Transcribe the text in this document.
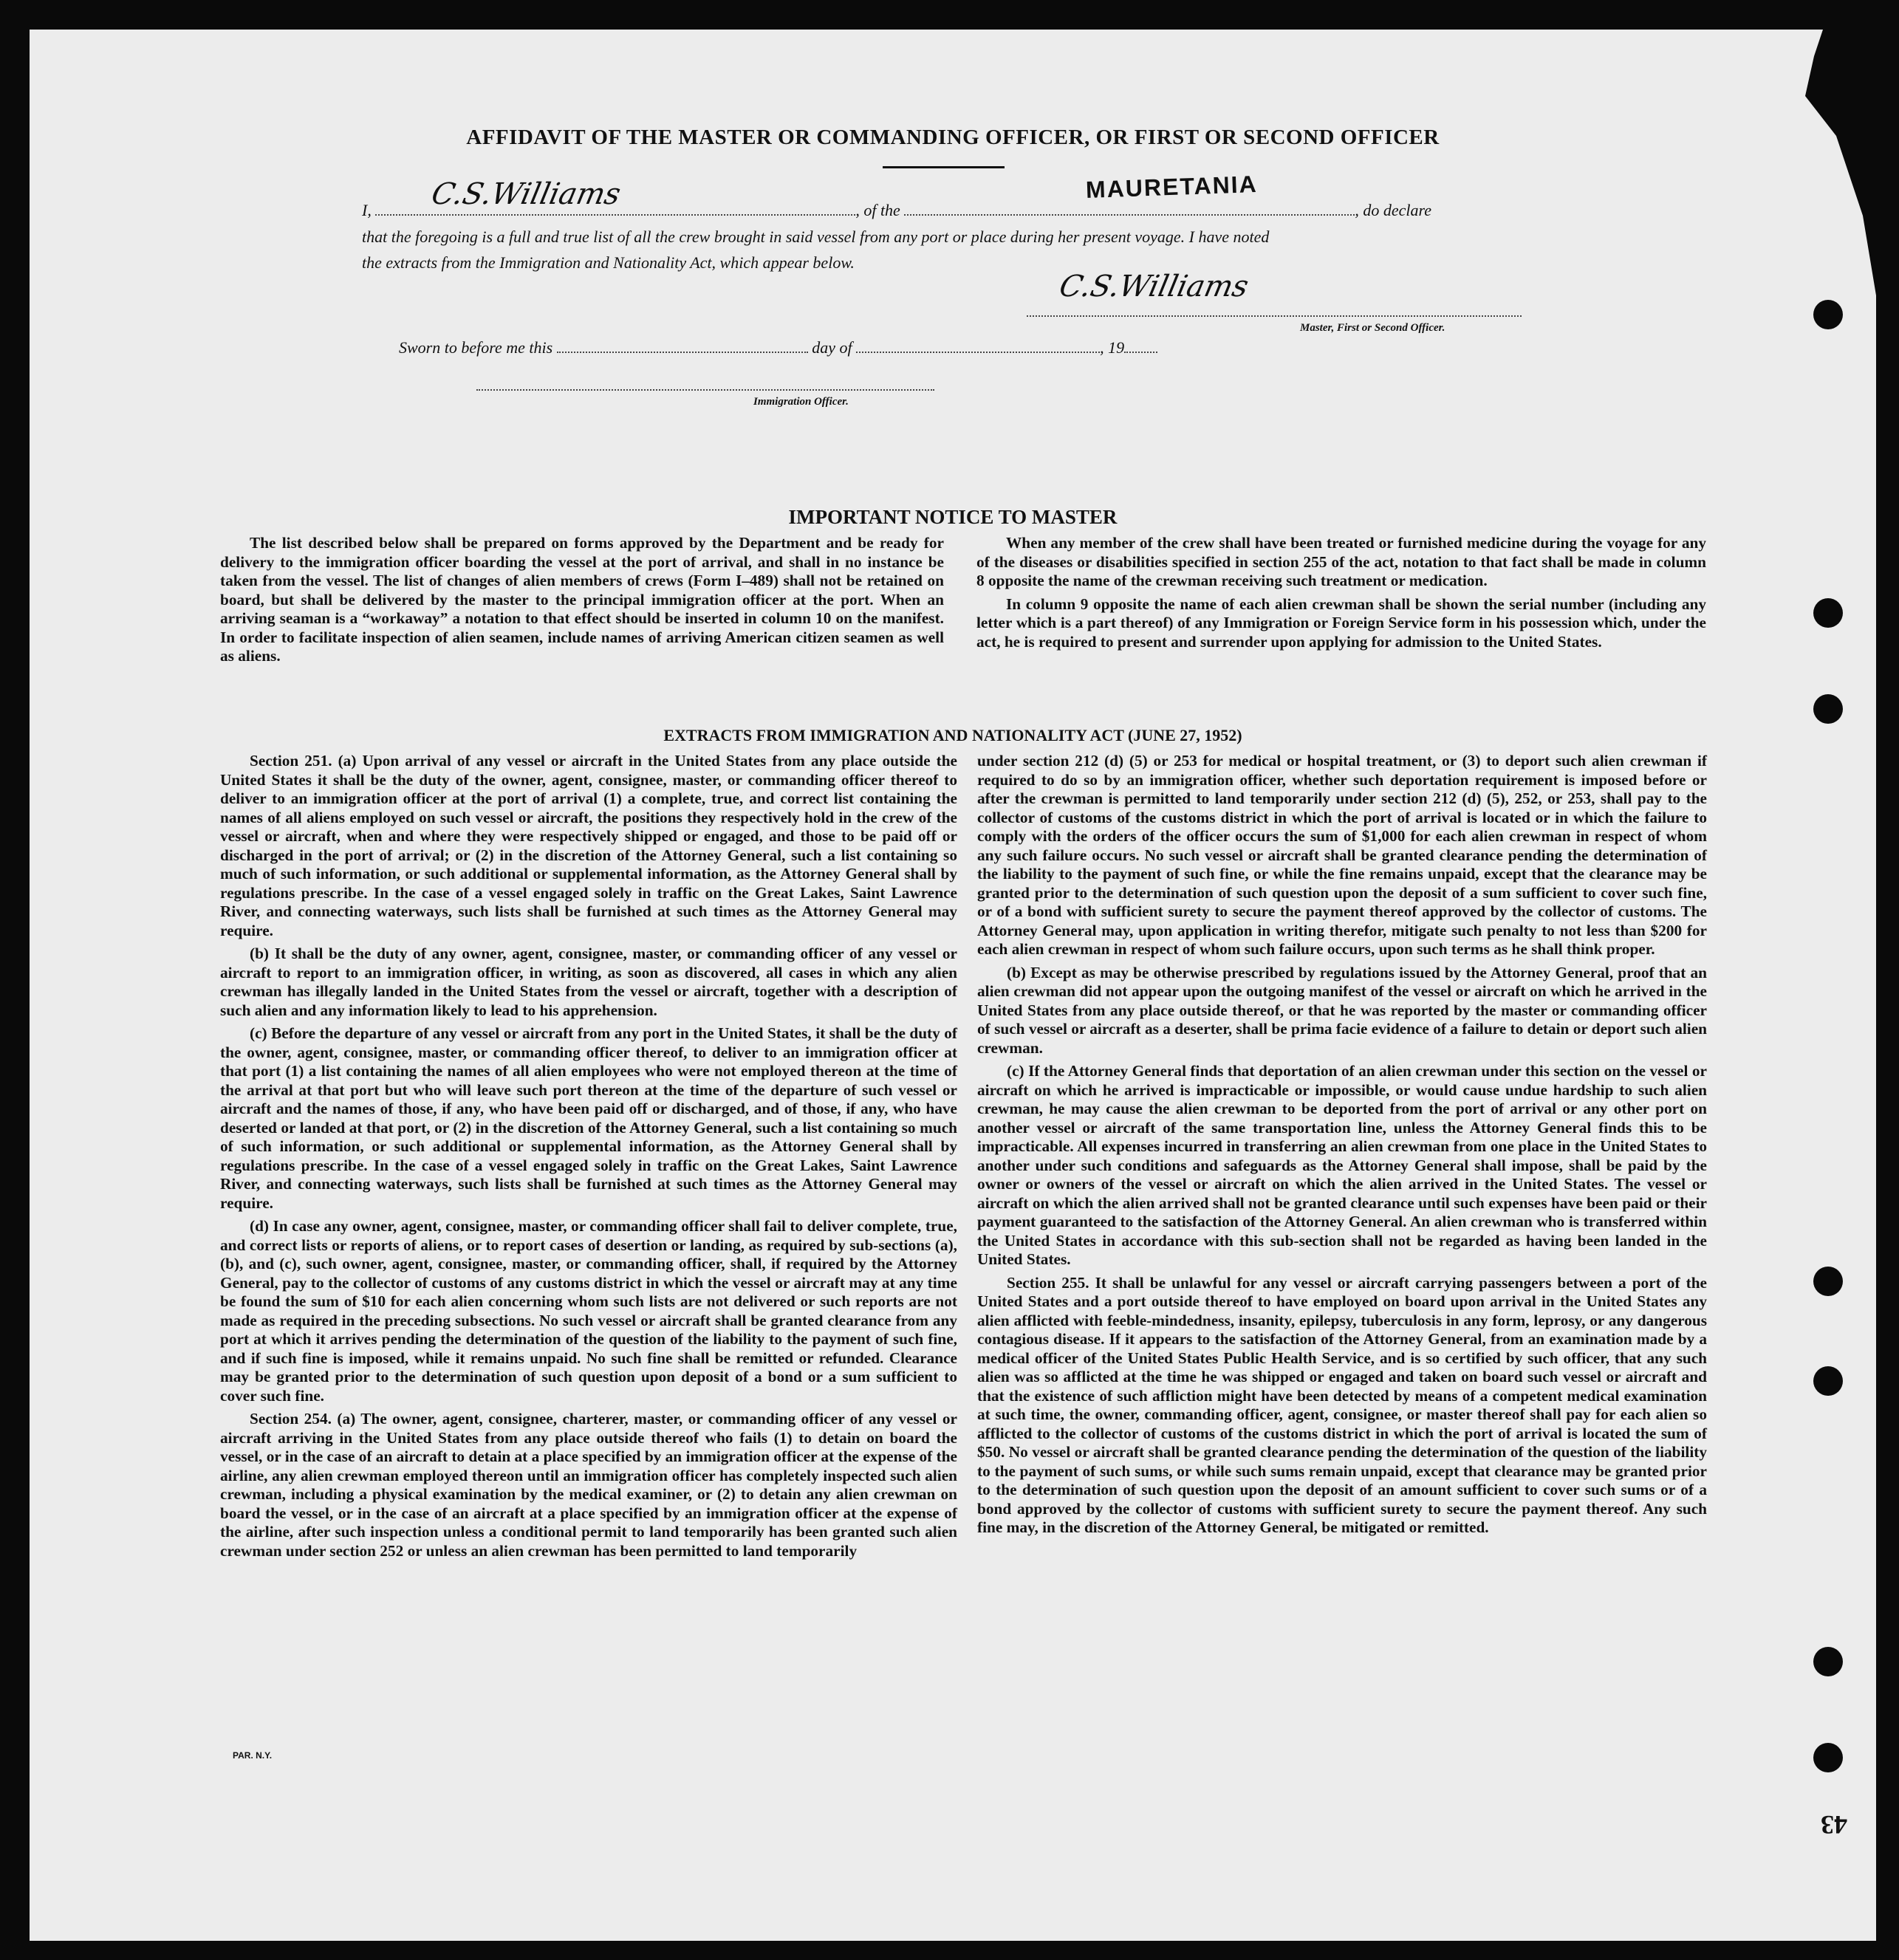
AFFIDAVIT OF THE MASTER OR COMMANDING OFFICER, OR FIRST OR SECOND OFFICER
I,	, of the	, do declare
C.S.Williams	MAURETANIA
that the foregoing is a full and true list of all the crew brought in said vessel from any port or place during her present voyage. I have noted
the extracts from the Immigration and Nationality Act, which appear below.
C.S.Williams
Master, First or Second Officer.
Sworn to before me this	day of	, 19
Immigration Officer.
IMPORTANT NOTICE TO MASTER

The list described below shall be prepared on forms approved by the Department and be ready for delivery to the immigration officer boarding the vessel at the port of arrival, and shall in no instance be taken from the vessel. The list of changes of alien members of crews (Form I–489) shall not be retained on board, but shall be delivered by the master to the principal immigration officer at the port. When an arriving seaman is a “workaway” a notation to that effect should be inserted in column 10 on the manifest. In order to facilitate inspection of alien seamen, include names of arriving American citizen seamen as well as aliens.

When any member of the crew shall have been treated or furnished medicine during the voyage for any of the diseases or disabilities specified in section 255 of the act, notation to that fact shall be made in column 8 opposite the name of the crewman receiving such treatment or medication.

In column 9 opposite the name of each alien crewman shall be shown the serial number (including any letter which is a part thereof) of any Immigration or Foreign Service form in his possession which, under the act, he is required to present and surrender upon applying for admission to the United States.

EXTRACTS FROM IMMIGRATION AND NATIONALITY ACT (JUNE 27, 1952)

Section 251. (a) Upon arrival of any vessel or aircraft in the United States from any place outside the United States it shall be the duty of the owner, agent, consignee, master, or commanding officer thereof to deliver to an immigration officer at the port of arrival (1) a complete, true, and correct list containing the names of all aliens employed on such vessel or aircraft, the positions they respectively hold in the crew of the vessel or aircraft, when and where they were respectively shipped or engaged, and those to be paid off or discharged in the port of arrival; or (2) in the discretion of the Attorney General, such a list containing so much of such information, or such additional or supplemental information, as the Attorney General shall by regulations prescribe. In the case of a vessel engaged solely in traffic on the Great Lakes, Saint Lawrence River, and connecting waterways, such lists shall be furnished at such times as the Attorney General may require.

(b) It shall be the duty of any owner, agent, consignee, master, or commanding officer of any vessel or aircraft to report to an immigration officer, in writing, as soon as discovered, all cases in which any alien crewman has illegally landed in the United States from the vessel or aircraft, together with a description of such alien and any information likely to lead to his apprehension.

(c) Before the departure of any vessel or aircraft from any port in the United States, it shall be the duty of the owner, agent, consignee, master, or commanding officer thereof, to deliver to an immigration officer at that port (1) a list containing the names of all alien employees who were not employed thereon at the time of the arrival at that port but who will leave such port thereon at the time of the departure of such vessel or aircraft and the names of those, if any, who have been paid off or discharged, and of those, if any, who have deserted or landed at that port, or (2) in the discretion of the Attorney General, such a list containing so much of such information, or such additional or supplemental information, as the Attorney General shall by regulations prescribe. In the case of a vessel engaged solely in traffic on the Great Lakes, Saint Lawrence River, and connecting waterways, such lists shall be furnished at such times as the Attorney General may require.

(d) In case any owner, agent, consignee, master, or commanding officer shall fail to deliver complete, true, and correct lists or reports of aliens, or to report cases of desertion or landing, as required by sub-sections (a), (b), and (c), such owner, agent, consignee, master, or commanding officer, shall, if required by the Attorney General, pay to the collector of customs of any customs district in which the vessel or aircraft may at any time be found the sum of $10 for each alien concerning whom such lists are not delivered or such reports are not made as required in the preceding subsections. No such vessel or aircraft shall be granted clearance from any port at which it arrives pending the determination of the question of the liability to the payment of such fine, and if such fine is imposed, while it remains unpaid. No such fine shall be remitted or refunded. Clearance may be granted prior to the determination of such question upon deposit of a bond or a sum sufficient to cover such fine.

Section 254. (a) The owner, agent, consignee, charterer, master, or commanding officer of any vessel or aircraft arriving in the United States from any place outside thereof who fails (1) to detain on board the vessel, or in the case of an aircraft to detain at a place specified by an immigration officer at the expense of the airline, any alien crewman employed thereon until an immigration officer has completely inspected such alien crewman, including a physical examination by the medical examiner, or (2) to detain any alien crewman on board the vessel, or in the case of an aircraft at a place specified by an immigration officer at the expense of the airline, after such inspection unless a conditional permit to land temporarily has been granted such alien crewman under section 252 or unless an alien crewman has been permitted to land temporarily

under section 212 (d) (5) or 253 for medical or hospital treatment, or (3) to deport such alien crewman if required to do so by an immigration officer, whether such deportation requirement is imposed before or after the crewman is permitted to land temporarily under section 212 (d) (5), 252, or 253, shall pay to the collector of customs of the customs district in which the port of arrival is located or in which the failure to comply with the orders of the officer occurs the sum of $1,000 for each alien crewman in respect of whom any such failure occurs. No such vessel or aircraft shall be granted clearance pending the determination of the liability to the payment of such fine, or while the fine remains unpaid, except that the clearance may be granted prior to the determination of such question upon the deposit of a sum sufficient to cover such fine, or of a bond with sufficient surety to secure the payment thereof approved by the collector of customs. The Attorney General may, upon application in writing therefor, mitigate such penalty to not less than $200 for each alien crewman in respect of whom such failure occurs, upon such terms as he shall think proper.

(b) Except as may be otherwise prescribed by regulations issued by the Attorney General, proof that an alien crewman did not appear upon the outgoing manifest of the vessel or aircraft on which he arrived in the United States from any place outside thereof, or that he was reported by the master or commanding officer of such vessel or aircraft as a deserter, shall be prima facie evidence of a failure to detain or deport such alien crewman.

(c) If the Attorney General finds that deportation of an alien crewman under this section on the vessel or aircraft on which he arrived is impracticable or impossible, or would cause undue hardship to such alien crewman, he may cause the alien crewman to be deported from the port of arrival or any other port on another vessel or aircraft of the same transportation line, unless the Attorney General finds this to be impracticable. All expenses incurred in transferring an alien crewman from one place in the United States to another under such conditions and safeguards as the Attorney General shall impose, shall be paid by the owner or owners of the vessel or aircraft on which the alien arrived in the United States. The vessel or aircraft on which the alien arrived shall not be granted clearance until such expenses have been paid or their payment guaranteed to the satisfaction of the Attorney General. An alien crewman who is transferred within the United States in accordance with this sub-section shall not be regarded as having been landed in the United States.

Section 255. It shall be unlawful for any vessel or aircraft carrying passengers between a port of the United States and a port outside thereof to have employed on board upon arrival in the United States any alien afflicted with feeble-mindedness, insanity, epilepsy, tuberculosis in any form, leprosy, or any dangerous contagious disease. If it appears to the satisfaction of the Attorney General, from an examination made by a medical officer of the United States Public Health Service, and is so certified by such officer, that any such alien was so afflicted at the time he was shipped or engaged and taken on board such vessel or aircraft and that the existence of such affliction might have been detected by means of a competent medical examination at such time, the owner, commanding officer, agent, consignee, or master thereof shall pay for each alien so afflicted to the collector of customs of the customs district in which the port of arrival is located the sum of $50. No vessel or aircraft shall be granted clearance pending the determination of the question of the liability to the payment of such sums, or while such sums remain unpaid, except that clearance may be granted prior to the determination of such question upon the deposit of an amount sufficient to cover such sums or of a bond approved by the collector of customs with sufficient surety to secure the payment thereof. Any such fine may, in the discretion of the Attorney General, be mitigated or remitted.

PAR. N.Y.
43
